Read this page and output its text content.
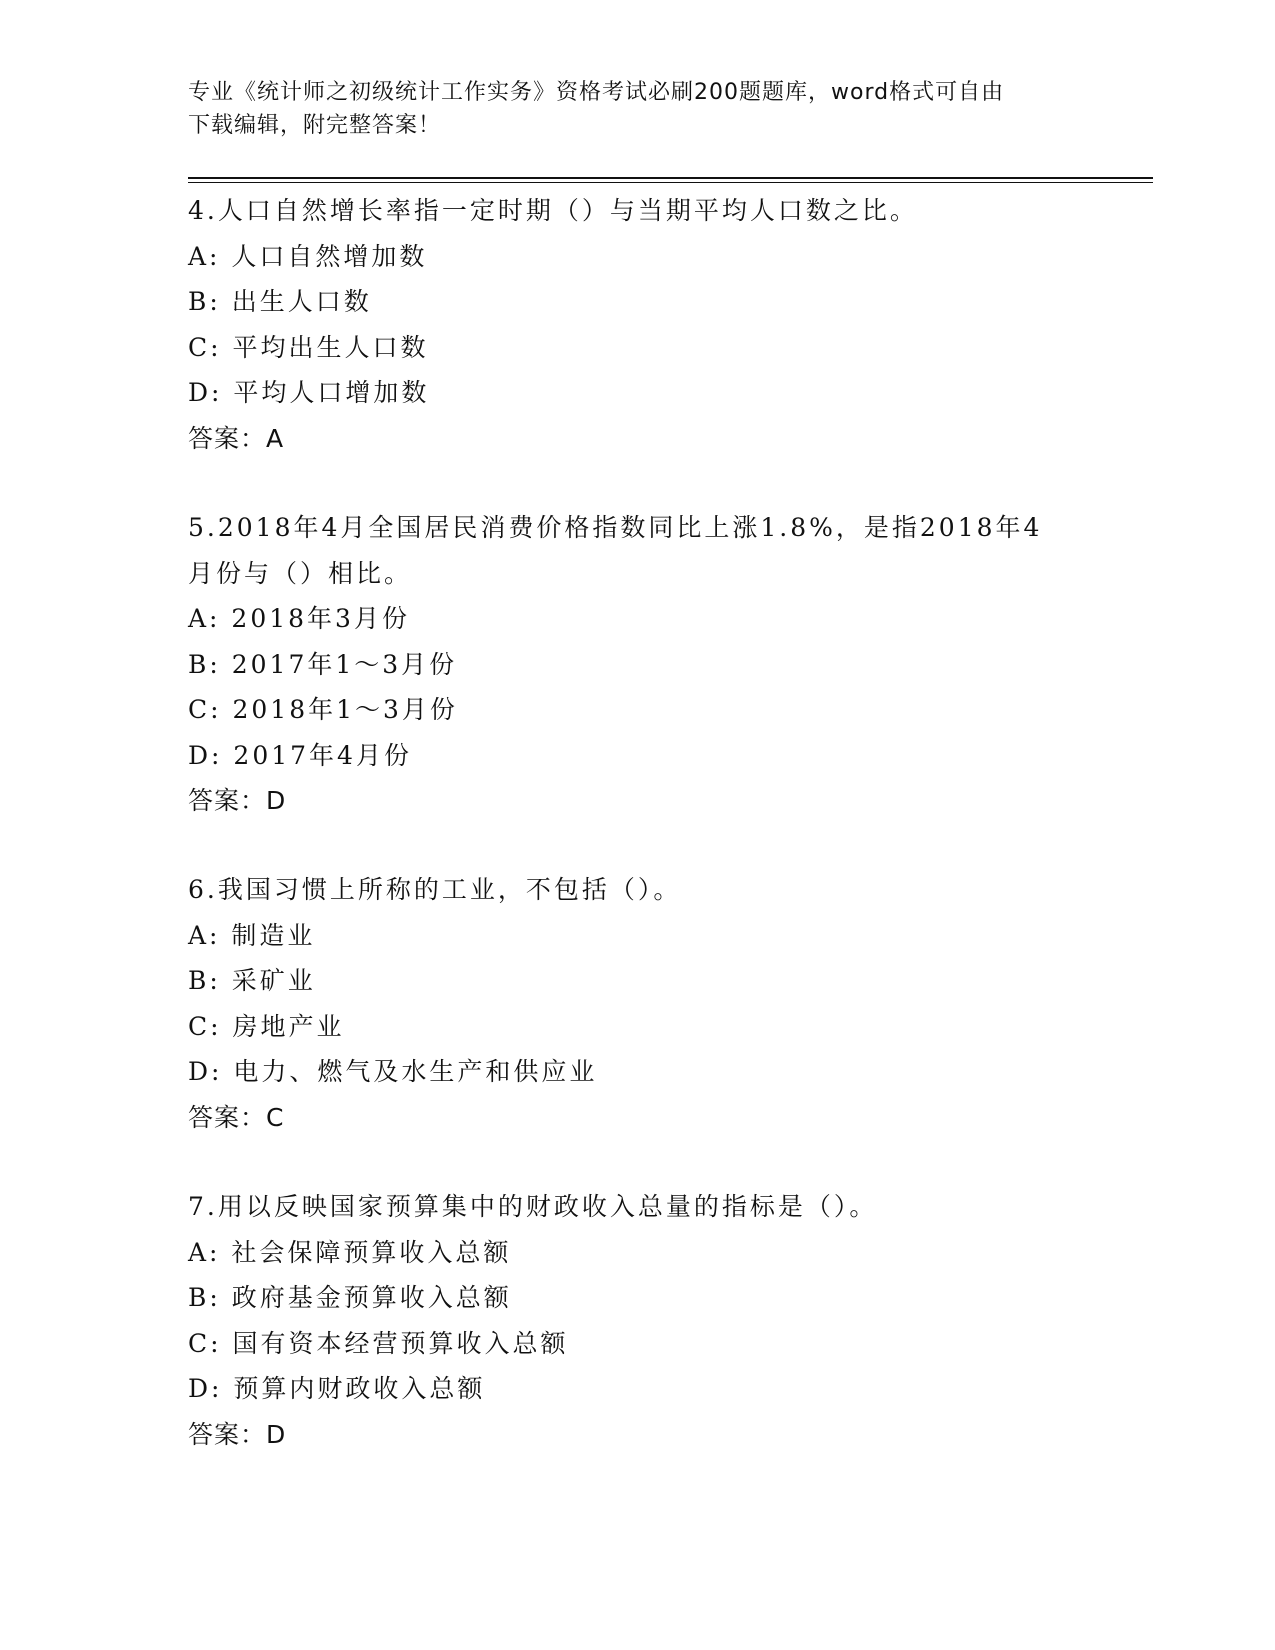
专业《统计师之初级统计工作实务》资格考试必刷200题题库，word格式可自由
下载编辑，附完整答案！
4.人口自然增长率指一定时期（）与当期平均人口数之比。
A: 人口自然增加数
B: 出生人口数
C: 平均出生人口数
D: 平均人口增加数
答案：A
5.2018年4月全国居民消费价格指数同比上涨1.8%，是指2018年4
月份与（）相比。
A: 2018年3月份
B: 2017年1～3月份
C: 2018年1～3月份
D: 2017年4月份
答案：D
6.我国习惯上所称的工业，不包括（）。
A: 制造业
B: 采矿业
C: 房地产业
D: 电力、燃气及水生产和供应业
答案：C
7.用以反映国家预算集中的财政收入总量的指标是（）。
A: 社会保障预算收入总额
B: 政府基金预算收入总额
C: 国有资本经营预算收入总额
D: 预算内财政收入总额
答案：D
